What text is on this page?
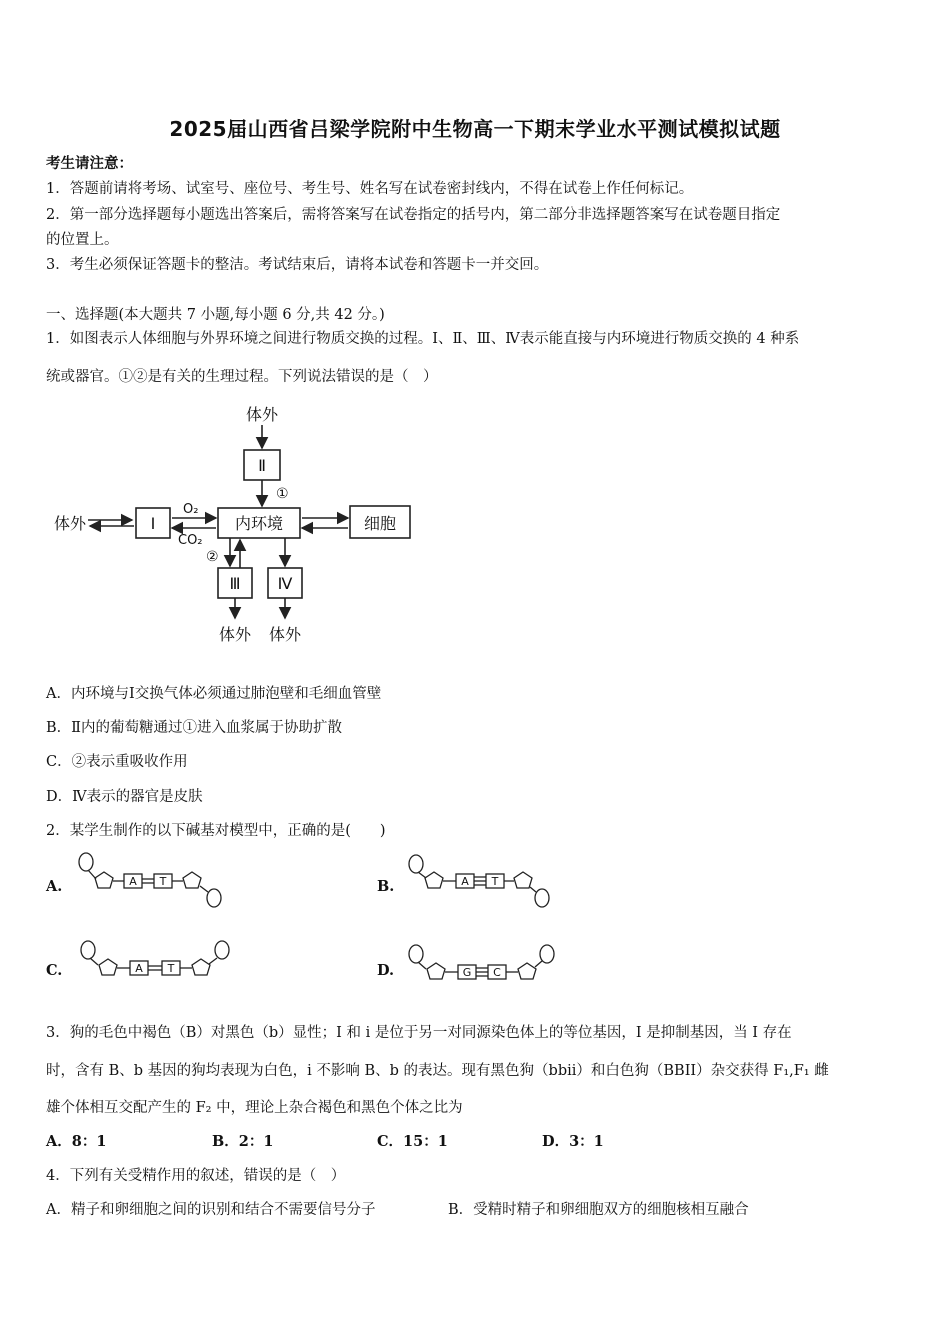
2025届山西省吕梁学院附中生物高一下期末学业水平测试模拟试题
考生请注意：
1．答题前请将考场、试室号、座位号、考生号、姓名写在试卷密封线内，不得在试卷上作任何标记。
2．第一部分选择题每小题选出答案后，需将答案写在试卷指定的括号内，第二部分非选择题答案写在试卷题目指定
的位置上。
3．考生必须保证答题卡的整洁。考试结束后，请将本试卷和答题卡一并交回。
一、选择题(本大题共 7 小题,每小题 6 分,共 42 分。)
1．如图表示人体细胞与外界环境之间进行物质交换的过程。Ⅰ、Ⅱ、Ⅲ、Ⅳ表示能直接与内环境进行物质交换的 4 种系
统或器官。①②是有关的生理过程。下列说法错误的是（　）
体外
Ⅱ
①
体外	Ⅰ
O₂
CO₂
内环境	细胞
②
Ⅲ Ⅳ
体外 体外
A．内环境与Ⅰ交换气体必须通过肺泡壁和毛细血管壁
B．Ⅱ内的葡萄糖通过①进入血浆属于协助扩散
C．②表示重吸收作用
D．Ⅳ表示的器官是皮肤
2．某学生制作的以下碱基对模型中，正确的是(　　)
A.	A T	B.	A T
C.	A T	D.	G C
3．狗的毛色中褐色（B）对黑色（b）显性；I 和 i 是位于另一对同源染色体上的等位基因，I 是抑制基因，当 I 存在
时，含有 B、b 基因的狗均表现为白色，i 不影响 B、b 的表达。现有黑色狗（bbii）和白色狗（BBII）杂交获得 F₁,F₁ 雌
雄个体相互交配产生的 F₂ 中，理论上杂合褐色和黑色个体之比为
A．8：1	B．2：1	C．15：1	D．3：1
4．下列有关受精作用的叙述，错误的是（　）
A．精子和卵细胞之间的识别和结合不需要信号分子	B．受精时精子和卵细胞双方的细胞核相互融合
